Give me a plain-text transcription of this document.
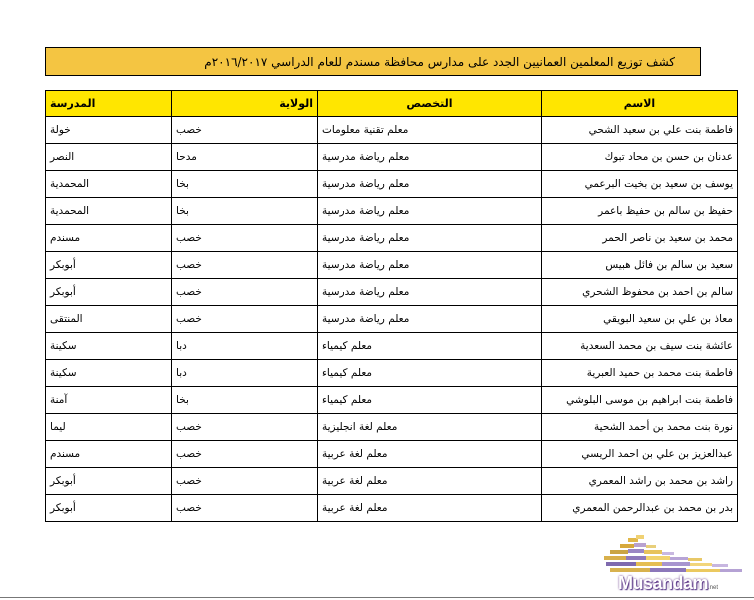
كشف توزيع المعلمين العمانيين الجدد على مدارس محافظة مسندم للعام الدراسي ٢٠١٦/٢٠١٧م
الاسم	التخصص	الولاية	المدرسة
فاطمة بنت علي بن سعيد الشحي	معلم تقنية معلومات	خصب	خولة
عدنان بن حسن بن محاد تبوك	معلم رياضة مدرسية	مدحا	النصر
يوسف بن سعيد بن بخيت البرعمي	معلم رياضة مدرسية	بخا	المحمدية
حفيظ بن سالم بن حفيظ باعمر	معلم رياضة مدرسية	بخا	المحمدية
محمد بن سعيد بن ناصر الحمر	معلم رياضة مدرسية	خصب	مسندم
سعيد بن سالم بن فائل هبيس	معلم رياضة مدرسية	خصب	أبوبكر
سالم بن احمد بن محفوظ الشحري	معلم رياضة مدرسية	خصب	أبوبكر
معاذ بن علي بن سعيد البويقي	معلم رياضة مدرسية	خصب	المنتقى
عائشة بنت سيف بن محمد السعدية	معلم كيمياء	دبا	سكينة
فاطمة بنت محمد بن حميد العبرية	معلم كيمياء	دبا	سكينة
فاطمة بنت ابراهيم بن موسى البلوشي	معلم كيمياء	بخا	آمنة
نورة بنت محمد بن أحمد الشحية	معلم لغة انجليزية	خصب	ليما
عبدالعزيز بن علي بن احمد الريسي	معلم لغة عربية	خصب	مسندم
راشد بن محمد بن راشد المعمري	معلم لغة عربية	خصب	أبوبكر
بدر بن محمد بن عبدالرحمن المعمري	معلم لغة عربية	خصب	أبوبكر
Musandam .net
